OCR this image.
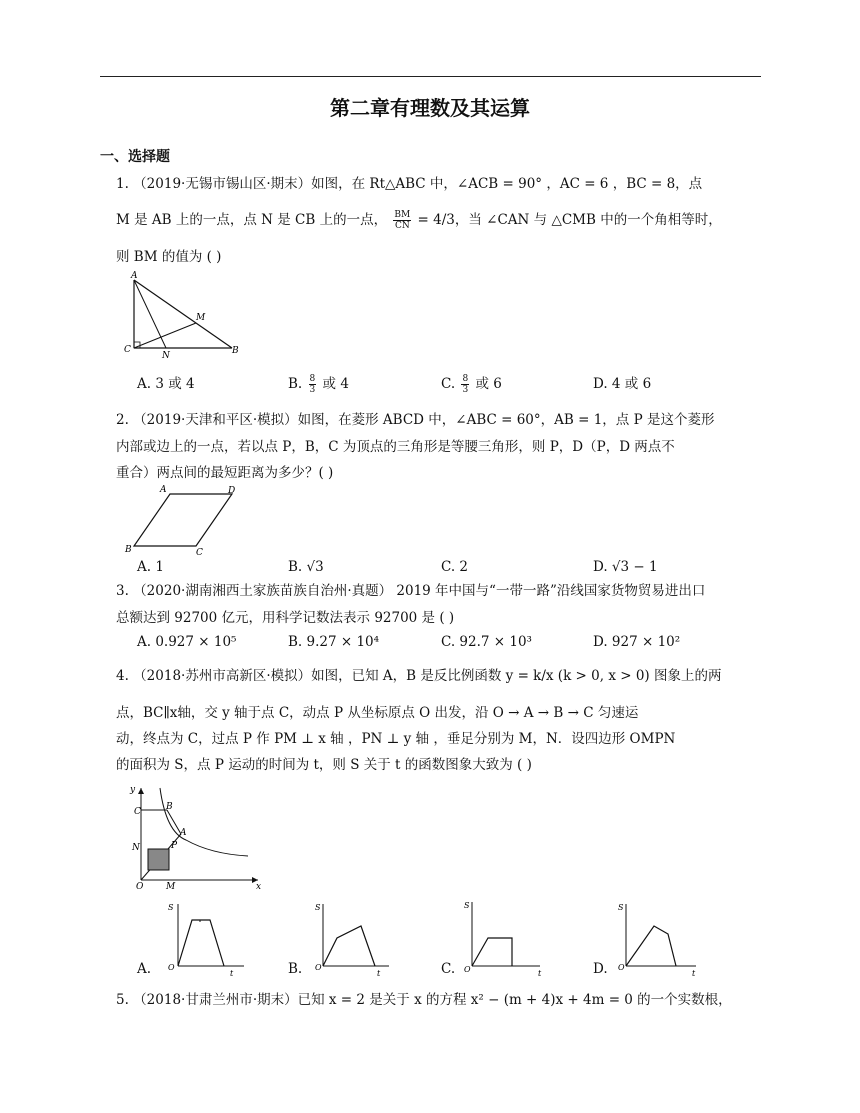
第二章有理数及其运算
一、选择题
1. （2019·无锡市锡山区·期末）如图，在 Rt△ABC 中，∠ACB = 90° ，AC = 6 ，BC = 8，点
M 是 AB 上的一点，点 N 是 CB 上的一点， $\frac{BM}{CN} = 4/3$，当 ∠CAN 与 △CMB 中的一个角相等时，
则 BM 的值为 ( )
A
M
C
N	B
A. 3 或 4	B. $\frac{8}{3}$ 或 4	C. $\frac{8}{3}$ 或 6	D. 4 或 6
2. （2019·天津和平区·模拟）如图，在菱形 ABCD 中，∠ABC = 60°，AB = 1，点 P 是这个菱形
内部或边上的一点，若以点 P，B，C 为顶点的三角形是等腰三角形，则 P，D（P，D 两点不
重合）两点间的最短距离为多少？( )
A	D
B	C
A. 1	B. √3	C. 2	D. √3 − 1
3. （2020·湖南湘西土家族苗族自治州·真题） 2019 年中国与“一带一路”沿线国家货物贸易进出口
总额达到 92700 亿元，用科学记数法表示 92700 是 ( )
A. 0.927 × 10⁵	B. 9.27 × 10⁴	C. 92.7 × 10³	D. 927 × 10²
4. （2018·苏州市高新区·模拟）如图，已知 A，B 是反比例函数 y = k/x (k > 0, x > 0) 图象上的两
点，BC∥x轴，交 y 轴于点 C，动点 P 从坐标原点 O 出发，沿 O → A → B → C 匀速运
动，终点为 C，过点 P 作 PM ⊥ x 轴 ，PN ⊥ y 轴 ，垂足分别为 M，N．设四边形 OMPN
的面积为 S，点 P 运动的时间为 t，则 S 关于 t 的函数图象大致为 ( )
y
C	B
A
N	P
O	M	x
S
O
t
S
O
t
S
O	t
S
O
t
A.	B.	C.	D.
5. （2018·甘肃兰州市·期末）已知 x = 2 是关于 x 的方程 x² − (m + 4)x + 4m = 0 的一个实数根，
